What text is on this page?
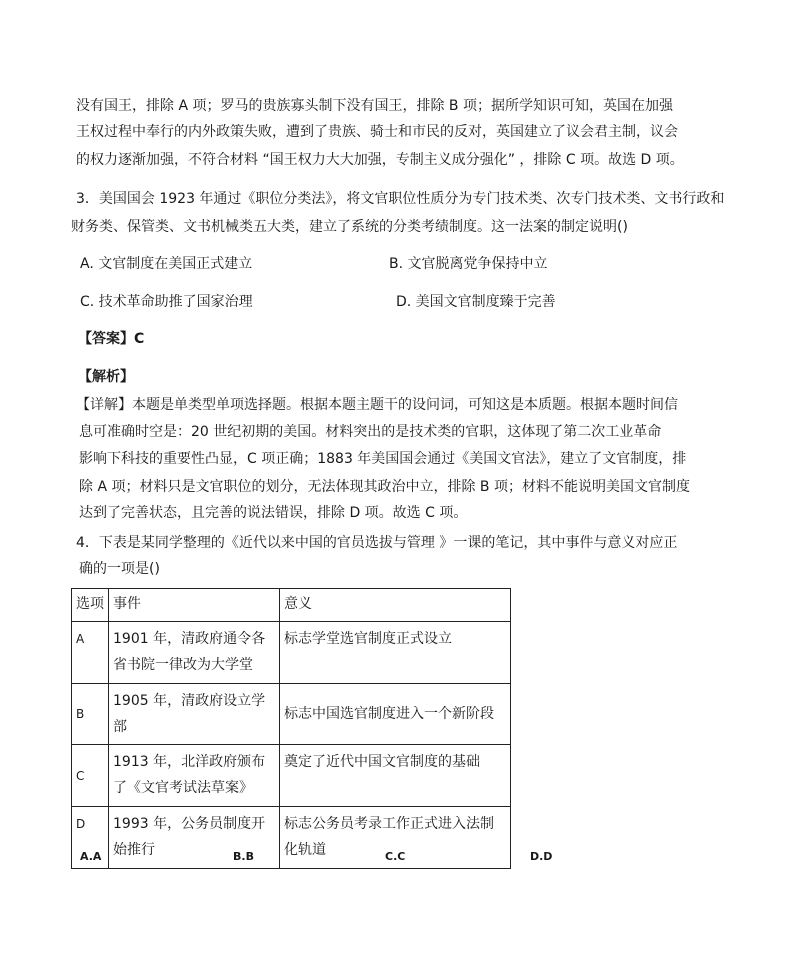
没有国王，排除 A 项；罗马的贵族寡头制下没有国王，排除 B 项；据所学知识可知，英国在加强
王权过程中奉行的内外政策失败，遭到了贵族、骑士和市民的反对，英国建立了议会君主制，议会
的权力逐渐加强，不符合材料 “国王权力大大加强，专制主义成分强化” ，排除 C 项。故选 D 项。
3．美国国会 1923 年通过《职位分类法》，将文官职位性质分为专门技术类、次专门技术类、文书行政和
财务类、保管类、文书机械类五大类，建立了系统的分类考绩制度。这一法案的制定说明()
A. 文官制度在美国正式建立	B. 文官脱离党争保持中立
C. 技术革命助推了国家治理	D. 美国文官制度臻于完善
【答案】C
【解析】
【详解】本题是单类型单项选择题。根据本题主题干的设问词，可知这是本质题。根据本题时间信
息可准确时空是：20 世纪初期的美国。材料突出的是技术类的官职，这体现了第二次工业革命
影响下科技的重要性凸显，C 项正确；1883 年美国国会通过《美国文官法》，建立了文官制度，排
除 A 项；材料只是文官职位的划分，无法体现其政治中立，排除 B 项；材料不能说明美国文官制度
达到了完善状态，且完善的说法错误，排除 D 项。故选 C 项。
4．下表是某同学整理的《近代以来中国的官员选拔与管理 》一课的笔记，其中事件与意义对应正
确的一项是()
选项	事件	意义
A	1901 年，清政府通令各省书院一律改为大学堂	标志学堂选官制度正式设立
B	1905 年，清政府设立学部	标志中国选官制度进入一个新阶段
C	1913 年，北洋政府颁布了《文官考试法草案》	奠定了近代中国文官制度的基础
D	1993 年，公务员制度开始推行	标志公务员考录工作正式进入法制化轨道
A.A	B.B	C.C	D.D
